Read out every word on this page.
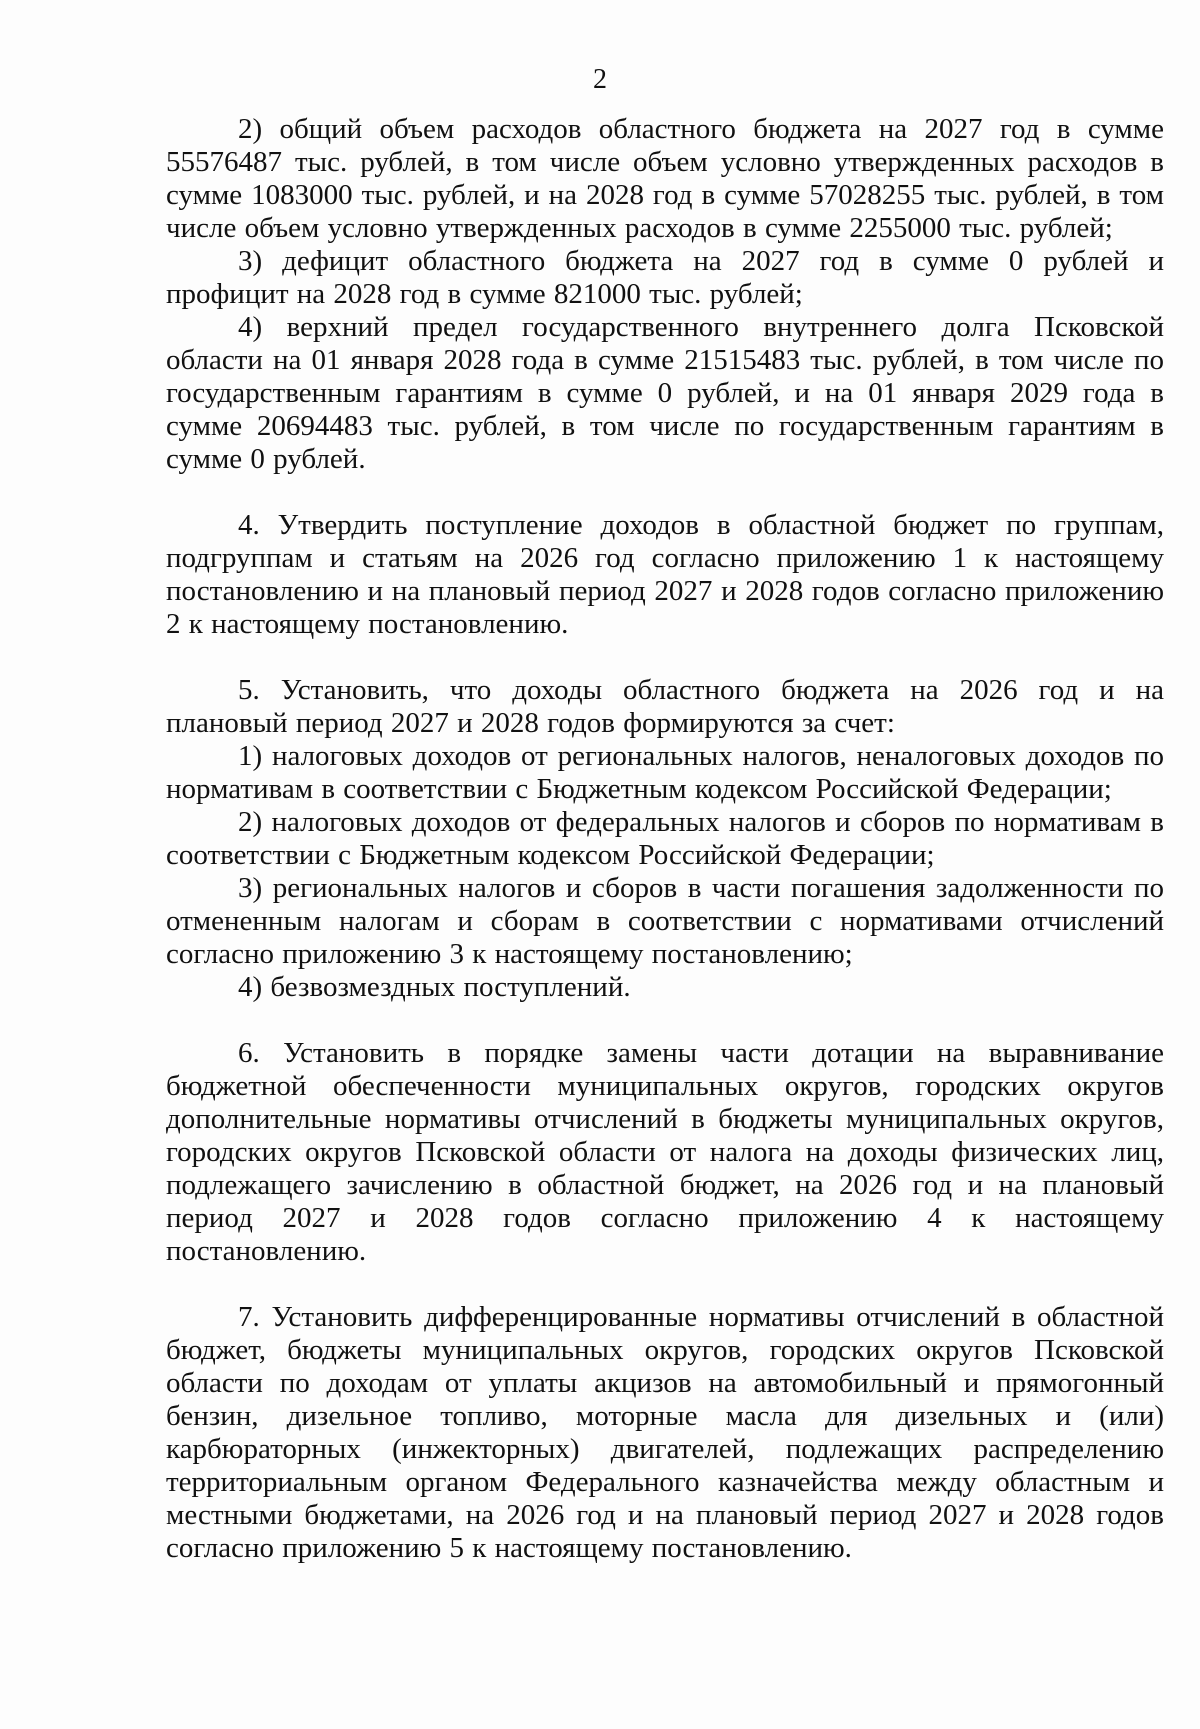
2

2) общий объем расходов областного бюджета на 2027 год в сумме 55576487 тыс. рублей, в том числе объем условно утвержденных расходов в сумме 1083000 тыс. рублей, и на 2028 год в сумме 57028255 тыс. рублей, в том числе объем условно утвержденных расходов в сумме 2255000 тыс. рублей;

3) дефицит областного бюджета на 2027 год в сумме 0 рублей и профицит на 2028 год в сумме 821000 тыс. рублей;

4) верхний предел государственного внутреннего долга Псковской области на 01 января 2028 года в сумме 21515483 тыс. рублей, в том числе по государственным гарантиям в сумме 0 рублей, и на 01 января 2029 года в сумме 20694483 тыс. рублей, в том числе по государственным гарантиям в сумме 0 рублей.

4. Утвердить поступление доходов в областной бюджет по группам, подгруппам и статьям на 2026 год согласно приложению 1 к настоящему постановлению и на плановый период 2027 и 2028 годов согласно приложению 2 к настоящему постановлению.

5. Установить, что доходы областного бюджета на 2026 год и на плановый период 2027 и 2028 годов формируются за счет:

1) налоговых доходов от региональных налогов, неналоговых доходов по нормативам в соответствии с Бюджетным кодексом Российской Федерации;

2) налоговых доходов от федеральных налогов и сборов по нормативам в соответствии с Бюджетным кодексом Российской Федерации;

3) региональных налогов и сборов в части погашения задолженности по отмененным налогам и сборам в соответствии с нормативами отчислений согласно приложению 3 к настоящему постановлению;

4) безвозмездных поступлений.

6. Установить в порядке замены части дотации на выравнивание бюджетной обеспеченности муниципальных округов, городских округов дополнительные нормативы отчислений в бюджеты муниципальных округов, городских округов Псковской области от налога на доходы физических лиц, подлежащего зачислению в областной бюджет, на 2026 год и на плановый период 2027 и 2028 годов согласно приложению 4 к настоящему постановлению.

7. Установить дифференцированные нормативы отчислений в областной бюджет, бюджеты муниципальных округов, городских округов Псковской области по доходам от уплаты акцизов на автомобильный и прямогонный бензин, дизельное топливо, моторные масла для дизельных и (или) карбюраторных (инжекторных) двигателей, подлежащих распределению территориальным органом Федерального казначейства между областным и местными бюджетами, на 2026 год и на плановый период 2027 и 2028 годов согласно приложению 5 к настоящему постановлению.
